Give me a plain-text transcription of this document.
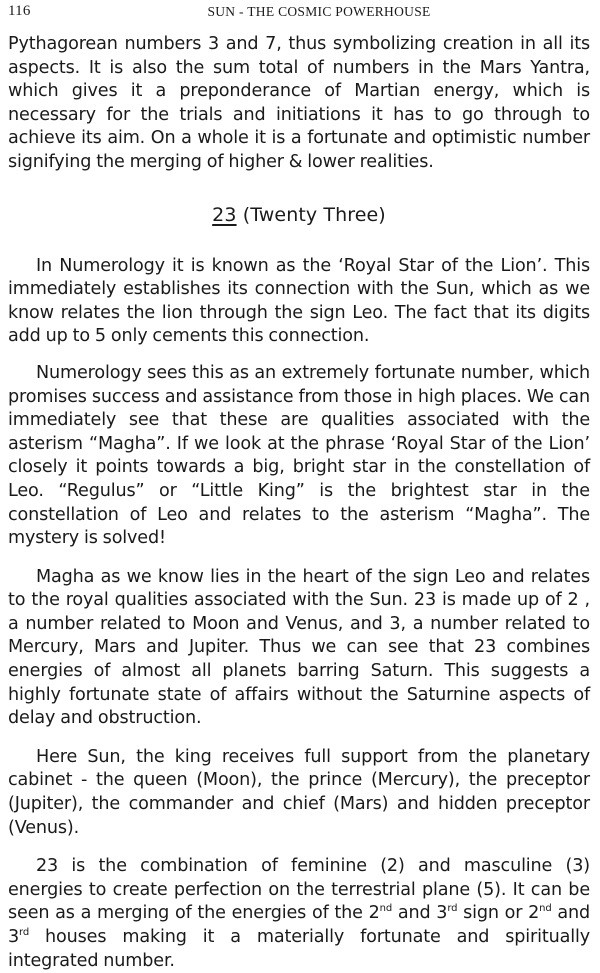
116	SUN - THE COSMIC POWERHOUSE

Pythagorean numbers 3 and 7, thus symbolizing creation in all its aspects. It is also the sum total of numbers in the Mars Yantra, which gives it a preponderance of Martian energy, which is necessary for the trials and initiations it has to go through to achieve its aim. On a whole it is a fortunate and optimistic number signifying the merging of higher & lower realities.

23 (Twenty Three)

In Numerology it is known as the ‘Royal Star of the Lion’. This immediately establishes its connection with the Sun, which as we know relates the lion through the sign Leo. The fact that its digits add up to 5 only cements this connection.

Numerology sees this as an extremely fortunate number, which promises success and assistance from those in high places. We can immediately see that these are qualities associated with the asterism “Magha”. If we look at the phrase ‘Royal Star of the Lion’ closely it points towards a big, bright star in the constellation of Leo. “Regulus” or “Little King” is the brightest star in the constellation of Leo and relates to the asterism “Magha”. The mystery is solved!

Magha as we know lies in the heart of the sign Leo and relates to the royal qualities associated with the Sun. 23 is made up of 2 , a number related to Moon and Venus, and 3, a number related to Mercury, Mars and Jupiter. Thus we can see that 23 combines energies of almost all planets barring Saturn. This suggests a highly fortunate state of affairs without the Saturnine aspects of delay and obstruction.

Here Sun, the king receives full support from the planetary cabinet - the queen (Moon), the prince (Mercury), the preceptor (Jupiter), the commander and chief (Mars) and hidden preceptor (Venus).

23 is the combination of feminine (2) and masculine (3) energies to create perfection on the terrestrial plane (5). It can be seen as a merging of the energies of the 2nd and 3rd sign or 2nd and 3rd houses making it a materially fortunate and spiritually integrated number.
